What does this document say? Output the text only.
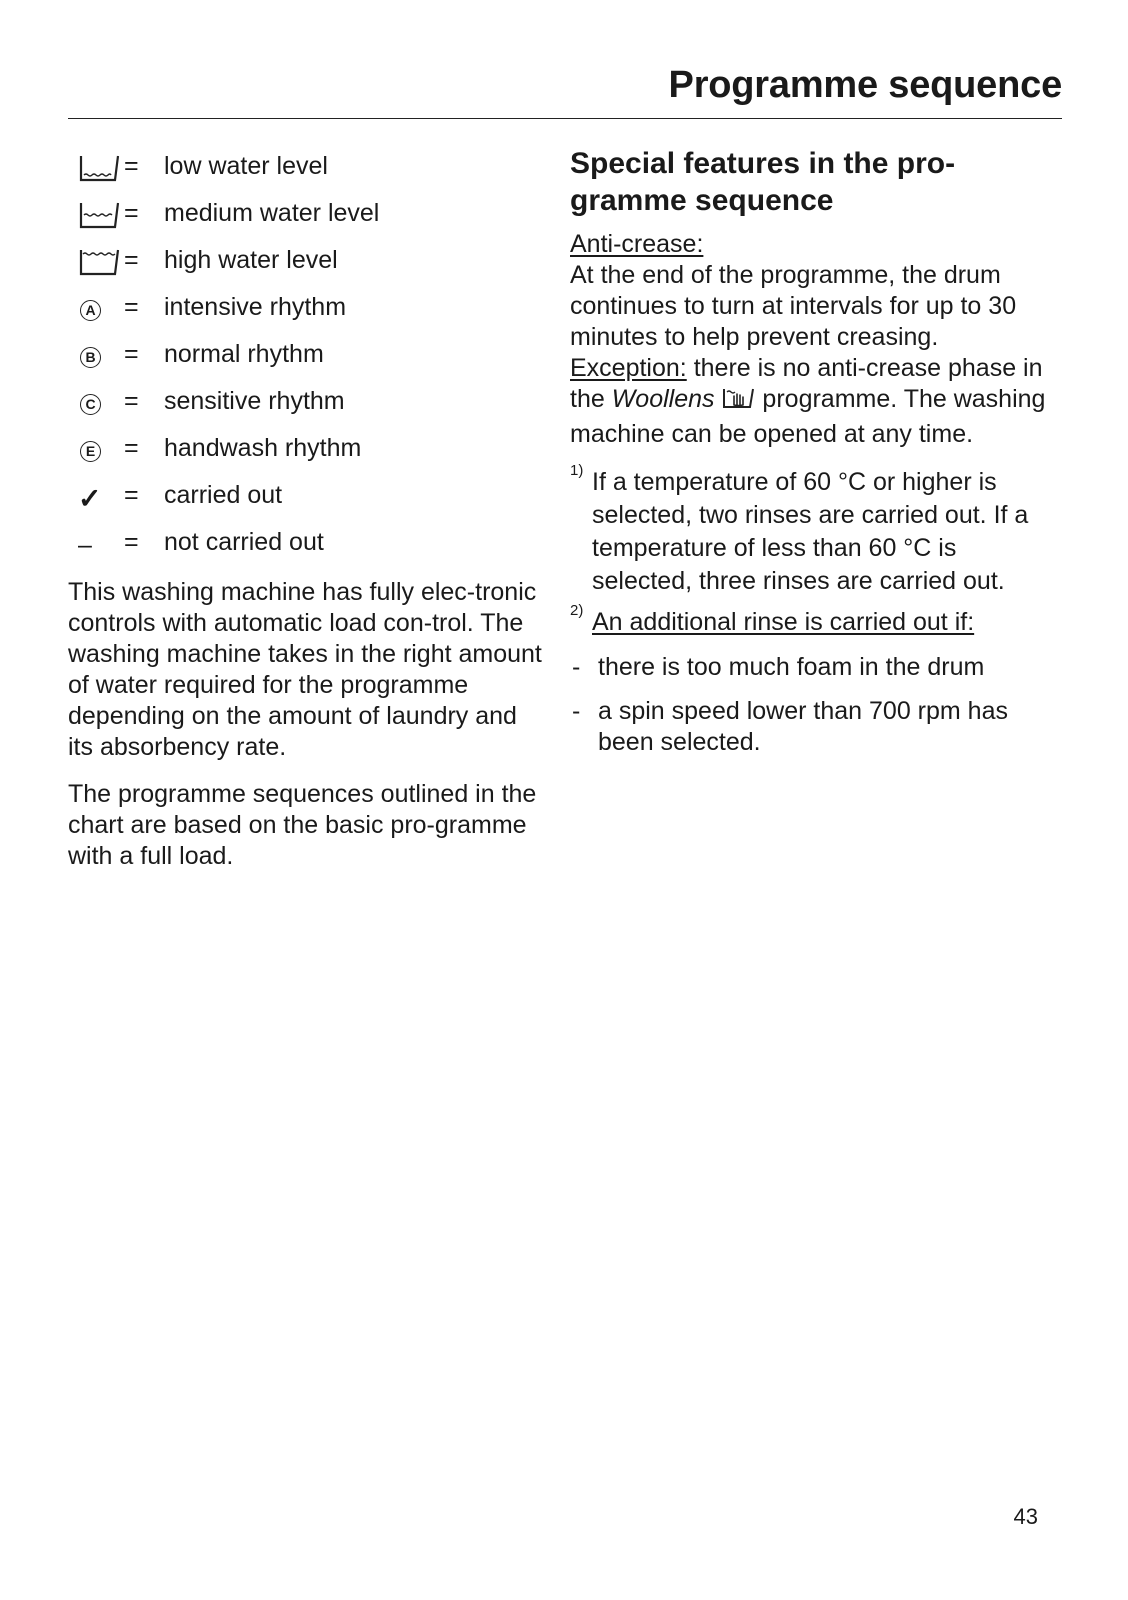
Programme sequence
= low water level
= medium water level
= high water level
A = intensive rhythm
B = normal rhythm
C = sensitive rhythm
E = handwash rhythm
✓ = carried out
– = not carried out

This washing machine has fully elec-tronic controls with automatic load con-trol. The washing machine takes in the right amount of water required for the programme depending on the amount of laundry and its absorbency rate.

The programme sequences outlined in the chart are based on the basic pro-gramme with a full load.

Special features in the pro-gramme sequence

Anti-crease:
At the end of the programme, the drum continues to turn at intervals for up to 30 minutes to help prevent creasing.
Exception: there is no anti-crease phase in the Woollens  programme. The washing machine can be opened at any time.

1) If a temperature of 60 °C or higher is selected, two rinses are carried out. If a temperature of less than 60 °C is selected, three rinses are carried out.
2) An additional rinse is carried out if:
- there is too much foam in the drum
- a spin speed lower than 700 rpm has been selected.
43
